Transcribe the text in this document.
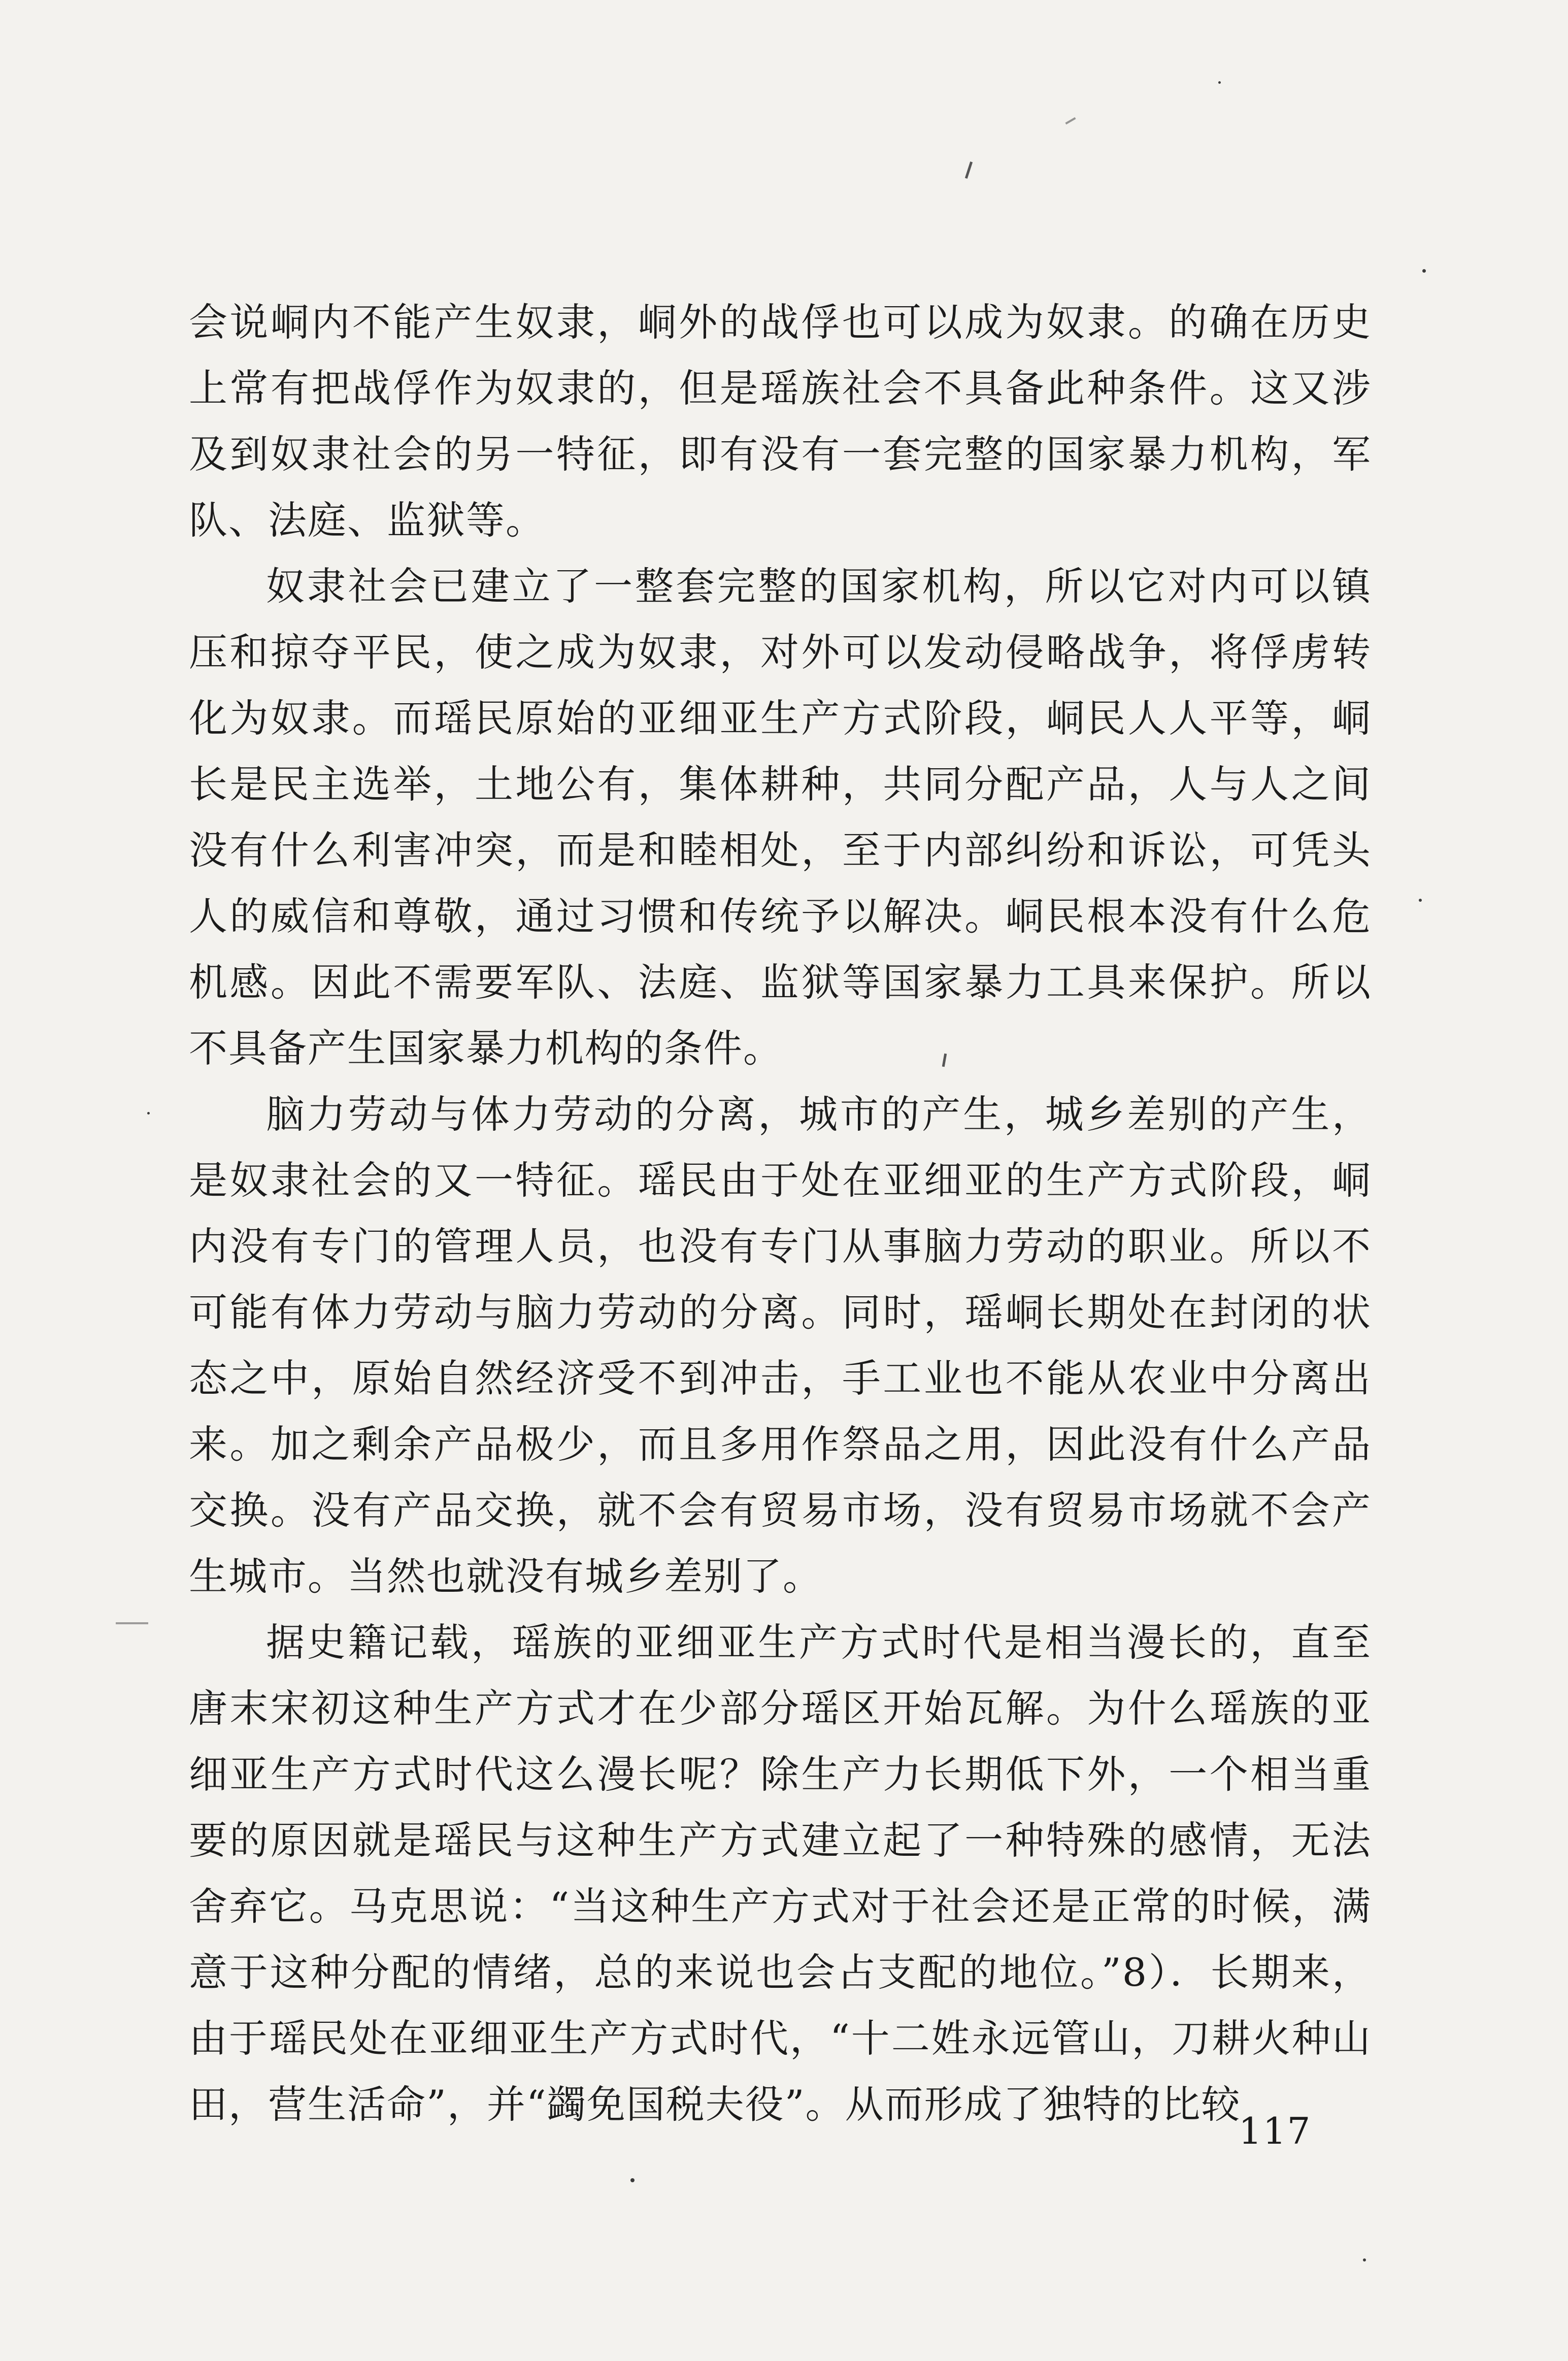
会说峒内不能产生奴隶，峒外的战俘也可以成为奴隶。的确在历史上常有把战俘作为奴隶的，但是瑶族社会不具备此种条件。这又涉及到奴隶社会的另一特征，即有没有一套完整的国家暴力机构，军队、法庭、监狱等。

奴隶社会已建立了一整套完整的国家机构，所以它对内可以镇压和掠夺平民，使之成为奴隶，对外可以发动侵略战争，将俘虏转化为奴隶。而瑶民原始的亚细亚生产方式阶段，峒民人人平等，峒长是民主选举，土地公有，集体耕种，共同分配产品，人与人之间没有什么利害冲突，而是和睦相处，至于内部纠纷和诉讼，可凭头人的威信和尊敬，通过习惯和传统予以解决。峒民根本没有什么危机感。因此不需要军队、法庭、监狱等国家暴力工具来保护。所以不具备产生国家暴力机构的条件。

脑力劳动与体力劳动的分离，城市的产生，城乡差别的产生，是奴隶社会的又一特征。瑶民由于处在亚细亚的生产方式阶段，峒内没有专门的管理人员，也没有专门从事脑力劳动的职业。所以不可能有体力劳动与脑力劳动的分离。同时，瑶峒长期处在封闭的状态之中，原始自然经济受不到冲击，手工业也不能从农业中分离出来。加之剩余产品极少，而且多用作祭品之用，因此没有什么产品交换。没有产品交换，就不会有贸易市场，没有贸易市场就不会产生城市。当然也就没有城乡差别了。

据史籍记载，瑶族的亚细亚生产方式时代是相当漫长的，直至唐末宋初这种生产方式才在少部分瑶区开始瓦解。为什么瑶族的亚细亚生产方式时代这么漫长呢？除生产力长期低下外，一个相当重要的原因就是瑶民与这种生产方式建立起了一种特殊的感情，无法舍弃它。马克思说：“当这种生产方式对于社会还是正常的时候，满意于这种分配的情绪，总的来说也会占支配的地位。”8）．长期来，由于瑶民处在亚细亚生产方式时代，“十二姓永远管山，刀耕火种山田，营生活命”，并“蠲免国税夫役”。从而形成了独特的比较

117
